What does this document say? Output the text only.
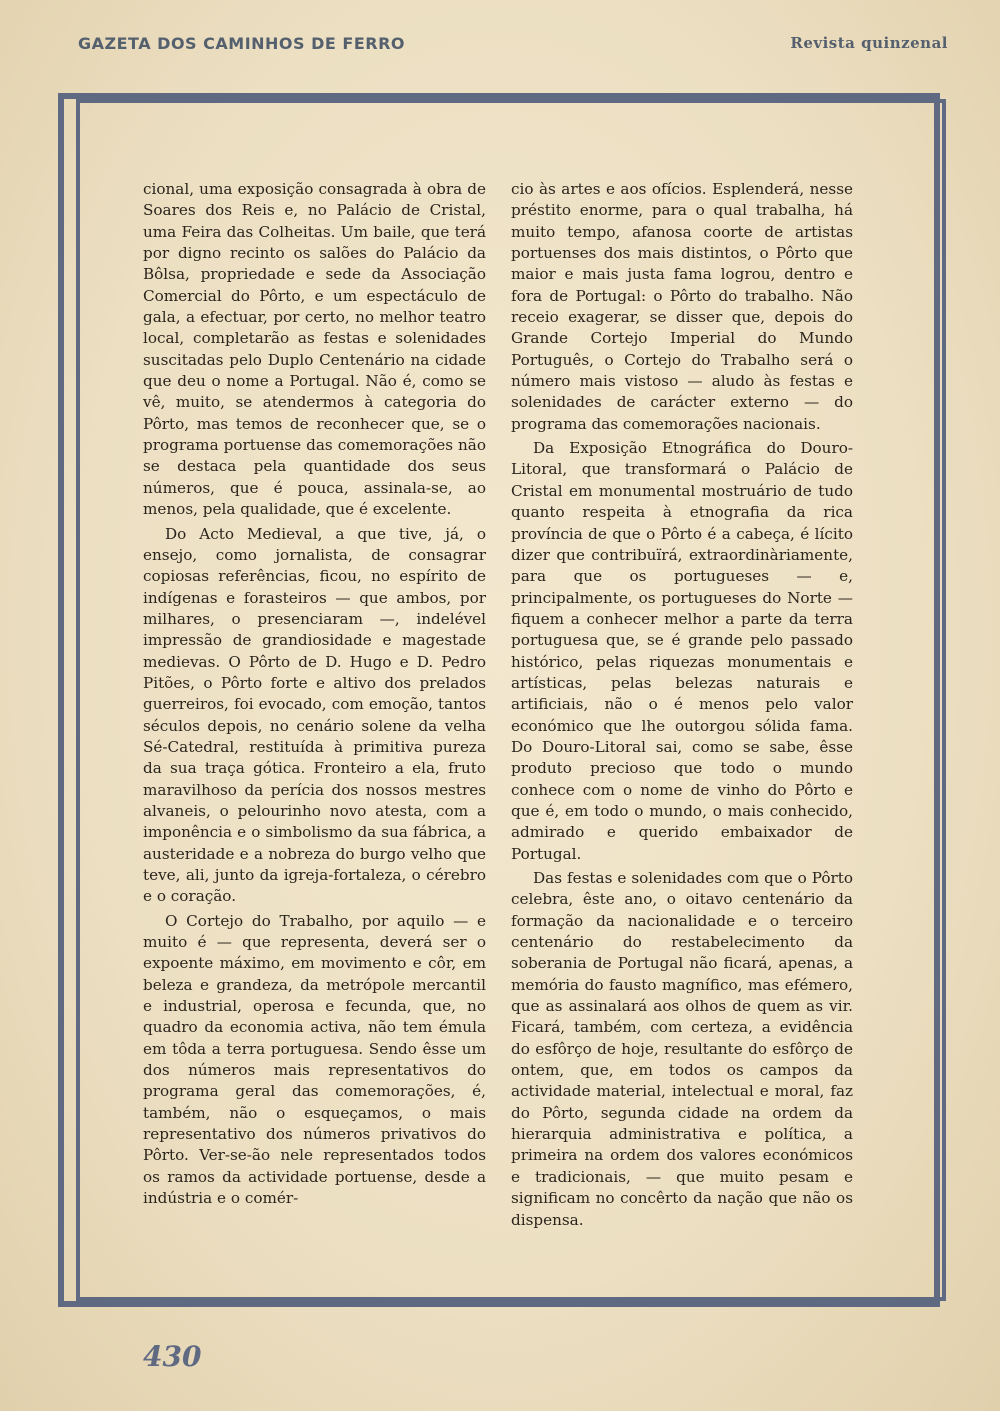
GAZETA DOS CAMINHOS DE FERRO	Revista quinzenal

cional, uma exposição consagrada à obra de Soares dos Reis e, no Palácio de Cristal, uma Feira das Colheitas. Um baile, que terá por digno recinto os salões do Palácio da Bôlsa, propriedade e sede da Associação Comercial do Pôrto, e um espectáculo de gala, a efectuar, por certo, no melhor teatro local, completarão as festas e solenidades suscitadas pelo Duplo Centenário na cidade que deu o nome a Portugal. Não é, como se vê, muito, se atendermos à categoria do Pôrto, mas temos de reconhecer que, se o programa portuense das comemorações não se destaca pela quantidade dos seus números, que é pouca, assinala-se, ao menos, pela qualidade, que é excelente.

Do Acto Medieval, a que tive, já, o ensejo, como jornalista, de consagrar copiosas referências, ficou, no espírito de indígenas e forasteiros — que ambos, por milhares, o presenciaram —, indelével impressão de grandiosidade e magestade medievas. O Pôrto de D. Hugo e D. Pedro Pitões, o Pôrto forte e altivo dos prelados guerreiros, foi evocado, com emoção, tantos séculos depois, no cenário solene da velha Sé-Catedral, restituída à primitiva pureza da sua traça gótica. Fronteiro a ela, fruto maravilhoso da perícia dos nossos mestres alvaneis, o pelourinho novo atesta, com a imponência e o simbolismo da sua fábrica, a austeridade e a nobreza do burgo velho que teve, ali, junto da igreja-fortaleza, o cérebro e o coração.

O Cortejo do Trabalho, por aquilo — e muito é — que representa, deverá ser o expoente máximo, em movimento e côr, em beleza e grandeza, da metrópole mercantil e industrial, operosa e fecunda, que, no quadro da economia activa, não tem émula em tôda a terra portuguesa. Sendo êsse um dos números mais representativos do programa geral das comemorações, é, também, não o esqueçamos, o mais representativo dos números privativos do Pôrto. Ver-se-ão nele representados todos os ramos da actividade portuense, desde a indústria e o comér-

cio às artes e aos ofícios. Esplenderá, nesse préstito enorme, para o qual trabalha, há muito tempo, afanosa coorte de artistas portuenses dos mais distintos, o Pôrto que maior e mais justa fama logrou, dentro e fora de Portugal: o Pôrto do trabalho. Não receio exagerar, se disser que, depois do Grande Cortejo Imperial do Mundo Português, o Cortejo do Trabalho será o número mais vistoso — aludo às festas e solenidades de carácter externo — do programa das comemorações nacionais.

Da Exposição Etnográfica do Douro-Litoral, que transformará o Palácio de Cristal em monumental mostruário de tudo quanto respeita à etnografia da rica província de que o Pôrto é a cabeça, é lícito dizer que contribuïrá, extraordinàriamente, para que os portugueses — e, principalmente, os portugueses do Norte — fiquem a conhecer melhor a parte da terra portuguesa que, se é grande pelo passado histórico, pelas riquezas monumentais e artísticas, pelas belezas naturais e artificiais, não o é menos pelo valor económico que lhe outorgou sólida fama. Do Douro-Litoral sai, como se sabe, êsse produto precioso que todo o mundo conhece com o nome de vinho do Pôrto e que é, em todo o mundo, o mais conhecido, admirado e querido embaixador de Portugal.

Das festas e solenidades com que o Pôrto celebra, êste ano, o oitavo centenário da formação da nacionalidade e o terceiro centenário do restabelecimento da soberania de Portugal não ficará, apenas, a memória do fausto magnífico, mas efémero, que as assinalará aos olhos de quem as vir. Ficará, também, com certeza, a evidência do esfôrço de hoje, resultante do esfôrço de ontem, que, em todos os campos da actividade material, intelectual e moral, faz do Pôrto, segunda cidade na ordem da hierarquia administrativa e política, a primeira na ordem dos valores económicos e tradicionais, — que muito pesam e significam no concêrto da nação que não os dispensa.

430
